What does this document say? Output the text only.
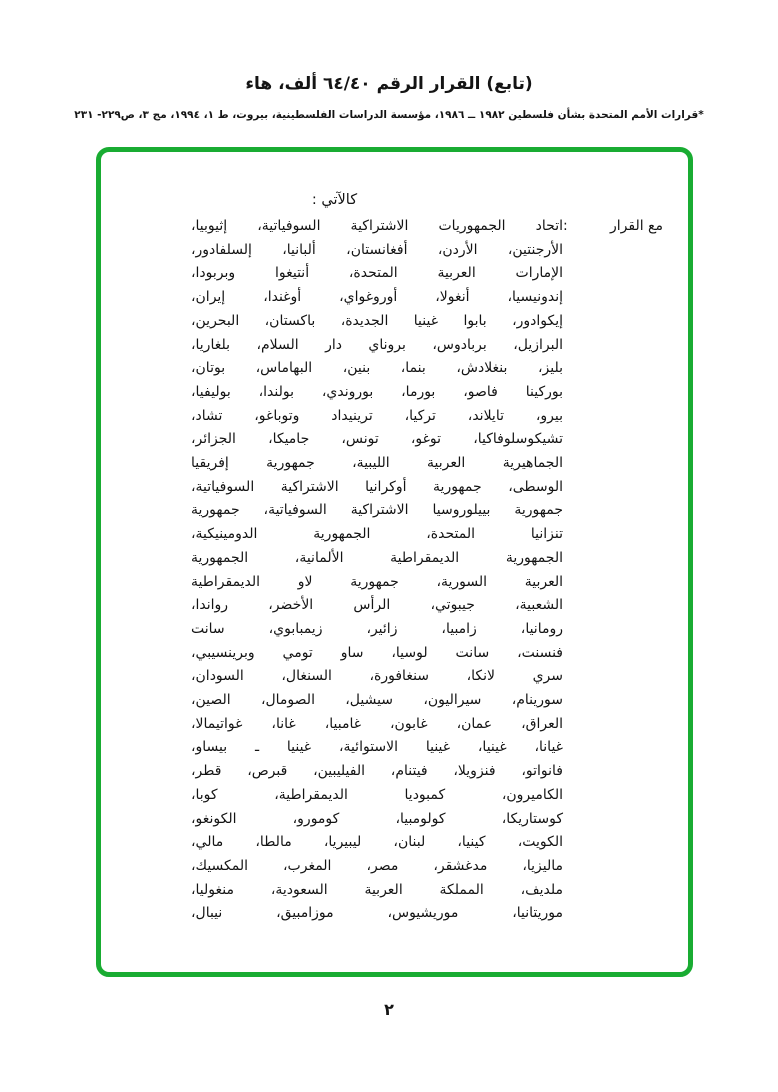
(تابع) القرار الرقم ٦٤/٤٠ ألف، هاء
*قرارات الأمم المتحدة بشأن فلسطين ١٩٨٢ ــ ١٩٨٦، مؤسسة الدراسات الفلسطينية، بيروت، ط ١، ١٩٩٤، مج ٣، ص٢٢٩- ٢٣١
كالآتي :
مع القرار
:
اتحاد الجمهوريات الاشتراكية السوفياتية، إثيوبيا،
الأرجنتين، الأردن، أفغانستان، ألبانيا، إلسلفادور،
الإمارات العربية المتحدة، أنتيغوا وبربودا،
إندونيسيا، أنغولا، أوروغواي، أوغندا، إيران،
إيكوادور، بابوا غينيا الجديدة، باكستان، البحرين،
البرازيل، بربادوس، بروناي دار السلام، بلغاريا،
بليز، بنغلادش، بنما، بنين، البهاماس، بوتان،
بوركينا فاصو، بورما، بوروندي، بولندا، بوليفيا،
بيرو، تايلاند، تركيا، ترينيداد وتوباغو، تشاد،
تشيكوسلوفاكيا، توغو، تونس، جاميكا، الجزائر،
الجماهيرية العربية الليبية، جمهورية إفريقيا
الوسطى، جمهورية أوكرانيا الاشتراكية السوفياتية،
جمهورية بييلوروسيا الاشتراكية السوفياتية، جمهورية
تنزانيا المتحدة، الجمهورية الدومينيكية،
الجمهورية الديمقراطية الألمانية، الجمهورية
العربية السورية، جمهورية لاو الديمقراطية
الشعبية، جيبوتي، الرأس الأخضر، رواندا،
رومانيا، زامبيا، زائير، زيمبابوي، سانت
فنسنت، سانت لوسيا، ساو تومي وبرينسيبي،
سري لانكا، سنغافورة، السنغال، السودان،
سورينام، سيراليون، سيشيل، الصومال، الصين،
العراق، عمان، غابون، غامبيا، غانا، غواتيمالا،
غيانا، غينيا، غينيا الاستوائية، غينيا ـ بيساو،
فانواتو، فنزويلا، فيتنام، الفيليبين، قبرص، قطر،
الكاميرون، كمبوديا الديمقراطية، كوبا،
كوستاريكا، كولومبيا، كومورو، الكونغو،
الكويت، كينيا، لبنان، ليبيريا، مالطا، مالي،
ماليزيا، مدغشقر، مصر، المغرب، المكسيك،
ملديف، المملكة العربية السعودية، منغوليا،
موريتانيا، موريشيوس، موزامبيق، نيبال،
٢
